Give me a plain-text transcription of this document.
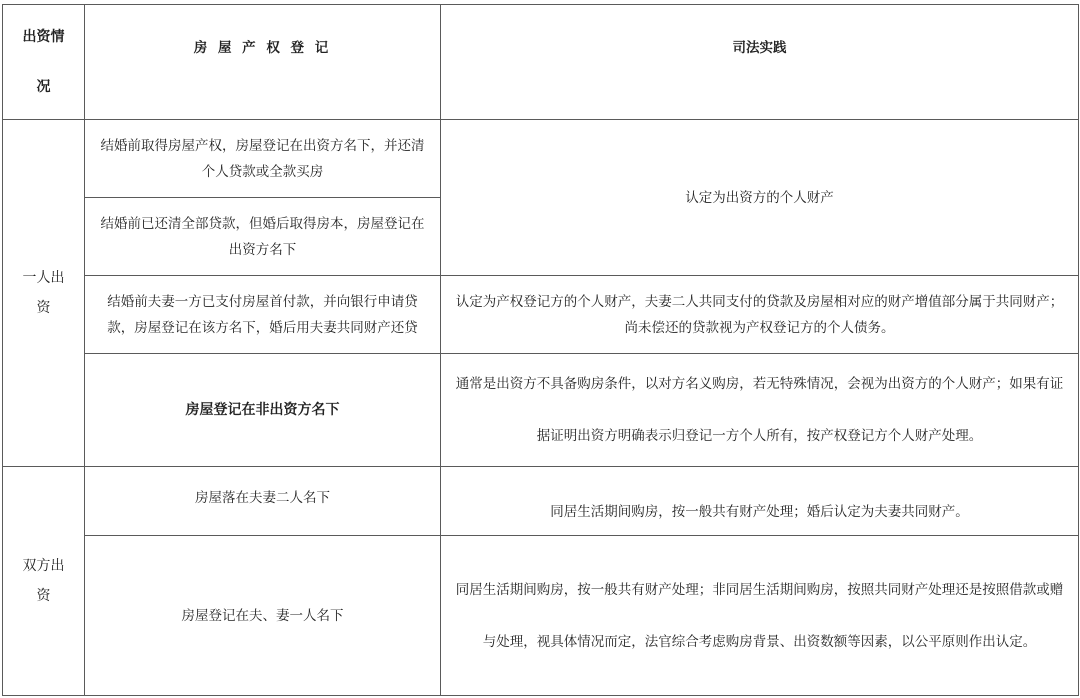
出资情况	房 屋 产 权 登 记	司法实践

一人出资	结婚前取得房屋产权，房屋登记在出资方名下，并还清个人贷款或全款买房	认定为出资方的个人财产
	结婚前已还清全部贷款，但婚后取得房本，房屋登记在出资方名下	
	结婚前夫妻一方已支付房屋首付款，并向银行申请贷款，房屋登记在该方名下，婚后用夫妻共同财产还贷	认定为产权登记方的个人财产，夫妻二人共同支付的贷款及房屋相对应的财产增值部分属于共同财产；尚未偿还的贷款视为产权登记方的个人债务。
	房屋登记在非出资方名下	通常是出资方不具备购房条件，以对方名义购房，若无特殊情况，会视为出资方的个人财产；如果有证据证明出资方明确表示归登记一方个人所有，按产权登记方个人财产处理。

双方出资	房屋落在夫妻二人名下	同居生活期间购房，按一般共有财产处理；婚后认定为夫妻共同财产。
	房屋登记在夫、妻一人名下	同居生活期间购房，按一般共有财产处理；非同居生活期间购房，按照共同财产处理还是按照借款或赠与处理，视具体情况而定，法官综合考虑购房背景、出资数额等因素，以公平原则作出认定。
